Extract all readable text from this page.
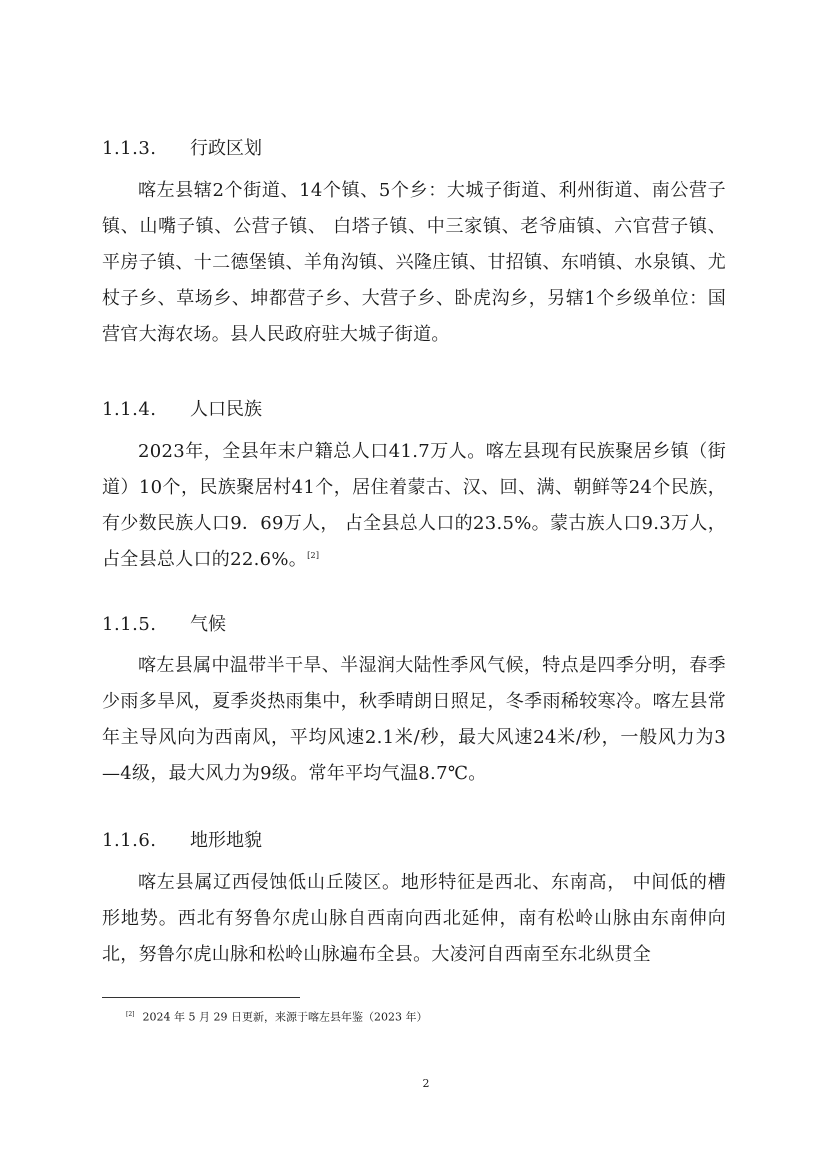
1.1.3. 行政区划
喀左县辖2个街道、14个镇、5个乡：大城子街道、利州街道、南公营子镇、山嘴子镇、公营子镇、 白塔子镇、中三家镇、老爷庙镇、六官营子镇、平房子镇、十二德堡镇、羊角沟镇、兴隆庄镇、甘招镇、东哨镇、水泉镇、尤杖子乡、草场乡、坤都营子乡、大营子乡、卧虎沟乡，另辖1个乡级单位：国营官大海农场。县人民政府驻大城子街道。
1.1.4. 人口民族
2023年，全县年末户籍总人口41.7万人。喀左县现有民族聚居乡镇（街道）10个，民族聚居村41个，居住着蒙古、汉、回、满、朝鲜等24个民族，有少数民族人口9．69万人， 占全县总人口的23.5%。蒙古族人口9.3万人， 占全县总人口的22.6%。[2]
1.1.5. 气候
喀左县属中温带半干旱、半湿润大陆性季风气候，特点是四季分明，春季少雨多旱风，夏季炎热雨集中，秋季晴朗日照足，冬季雨稀较寒冷。喀左县常年主导风向为西南风，平均风速2.1米/秒，最大风速24米/秒，一般风力为3—4级，最大风力为9级。常年平均气温8.7℃。
1.1.6. 地形地貌
喀左县属辽西侵蚀低山丘陵区。地形特征是西北、东南高， 中间低的槽形地势。西北有努鲁尔虎山脉自西南向西北延伸，南有松岭山脉由东南伸向北，努鲁尔虎山脉和松岭山脉遍布全县。大凌河自西南至东北纵贯全
[2] 2024 年 5 月 29 日更新，来源于喀左县年鉴（2023 年）
2
